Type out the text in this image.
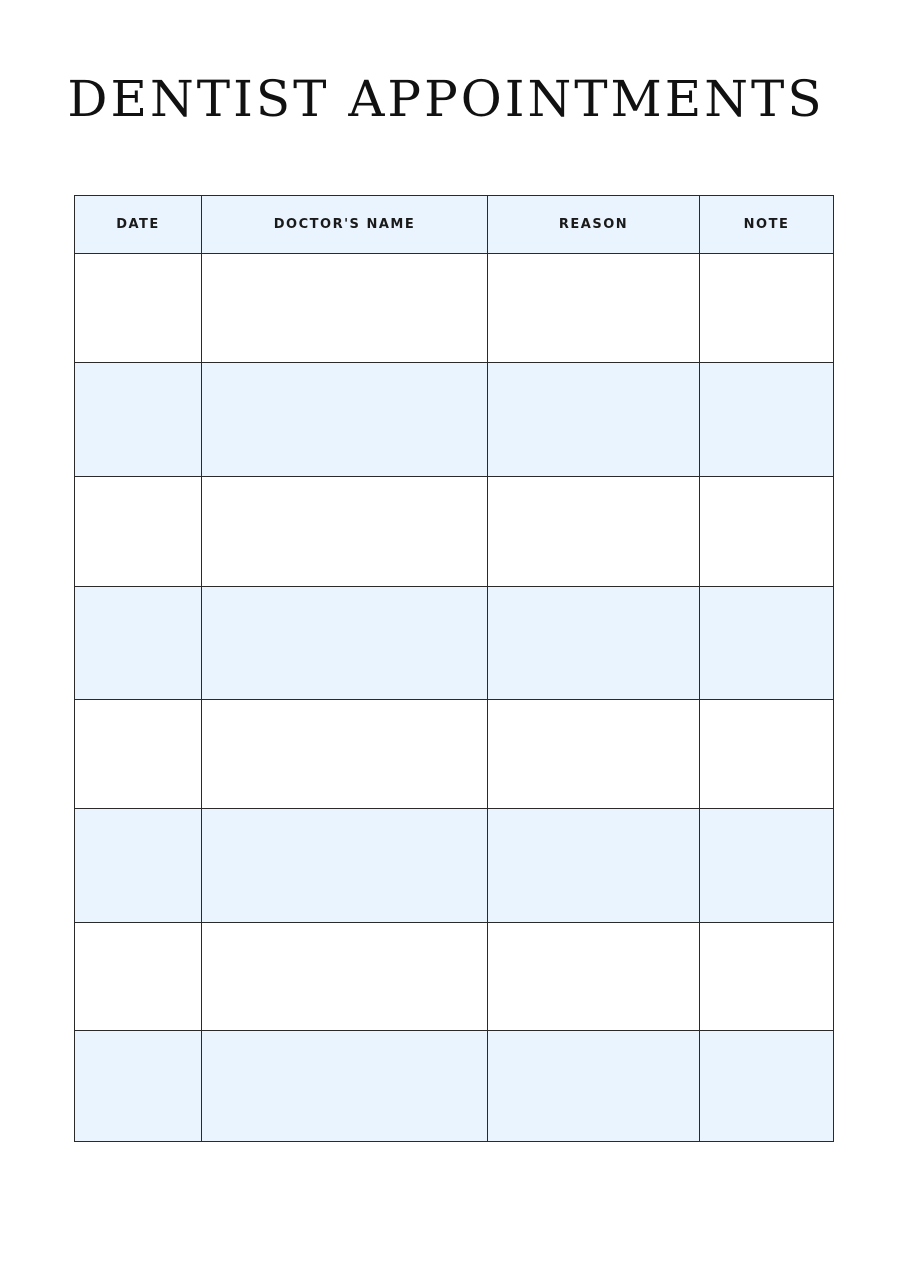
DENTIST APPOINTMENTS
DATE	DOCTOR'S NAME	REASON	NOTE
